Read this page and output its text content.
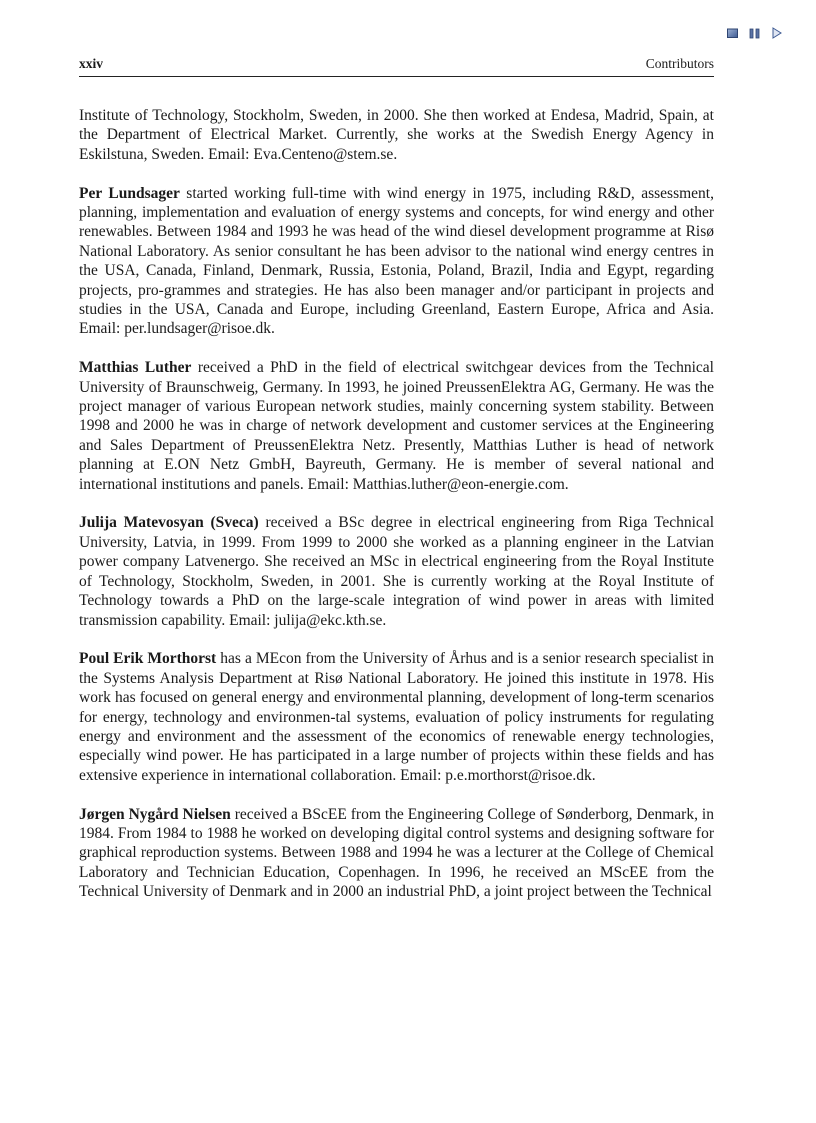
xxiv	Contributors

Institute of Technology, Stockholm, Sweden, in 2000. She then worked at Endesa, Madrid, Spain, at the Department of Electrical Market. Currently, she works at the Swedish Energy Agency in Eskilstuna, Sweden. Email: Eva.Centeno@stem.se.

Per Lundsager started working full-time with wind energy in 1975, including R&D, assessment, planning, implementation and evaluation of energy systems and concepts, for wind energy and other renewables. Between 1984 and 1993 he was head of the wind diesel development programme at Risø National Laboratory. As senior consultant he has been advisor to the national wind energy centres in the USA, Canada, Finland, Denmark, Russia, Estonia, Poland, Brazil, India and Egypt, regarding projects, pro-grammes and strategies. He has also been manager and/or participant in projects and studies in the USA, Canada and Europe, including Greenland, Eastern Europe, Africa and Asia. Email: per.lundsager@risoe.dk.

Matthias Luther received a PhD in the field of electrical switchgear devices from the Technical University of Braunschweig, Germany. In 1993, he joined PreussenElektra AG, Germany. He was the project manager of various European network studies, mainly concerning system stability. Between 1998 and 2000 he was in charge of network development and customer services at the Engineering and Sales Department of PreussenElektra Netz. Presently, Matthias Luther is head of network planning at E.ON Netz GmbH, Bayreuth, Germany. He is member of several national and international institutions and panels. Email: Matthias.luther@eon-energie.com.

Julija Matevosyan (Sveca) received a BSc degree in electrical engineering from Riga Technical University, Latvia, in 1999. From 1999 to 2000 she worked as a planning engineer in the Latvian power company Latvenergo. She received an MSc in electrical engineering from the Royal Institute of Technology, Stockholm, Sweden, in 2001. She is currently working at the Royal Institute of Technology towards a PhD on the large-scale integration of wind power in areas with limited transmission capability. Email: julija@ekc.kth.se.

Poul Erik Morthorst has a MEcon from the University of Århus and is a senior research specialist in the Systems Analysis Department at Risø National Laboratory. He joined this institute in 1978. His work has focused on general energy and environmental planning, development of long-term scenarios for energy, technology and environmen-tal systems, evaluation of policy instruments for regulating energy and environment and the assessment of the economics of renewable energy technologies, especially wind power. He has participated in a large number of projects within these fields and has extensive experience in international collaboration. Email: p.e.morthorst@risoe.dk.

Jørgen Nygård Nielsen received a BScEE from the Engineering College of Sønderborg, Denmark, in 1984. From 1984 to 1988 he worked on developing digital control systems and designing software for graphical reproduction systems. Between 1988 and 1994 he was a lecturer at the College of Chemical Laboratory and Technician Education, Copenhagen. In 1996, he received an MScEE from the Technical University of Denmark and in 2000 an industrial PhD, a joint project between the Technical
